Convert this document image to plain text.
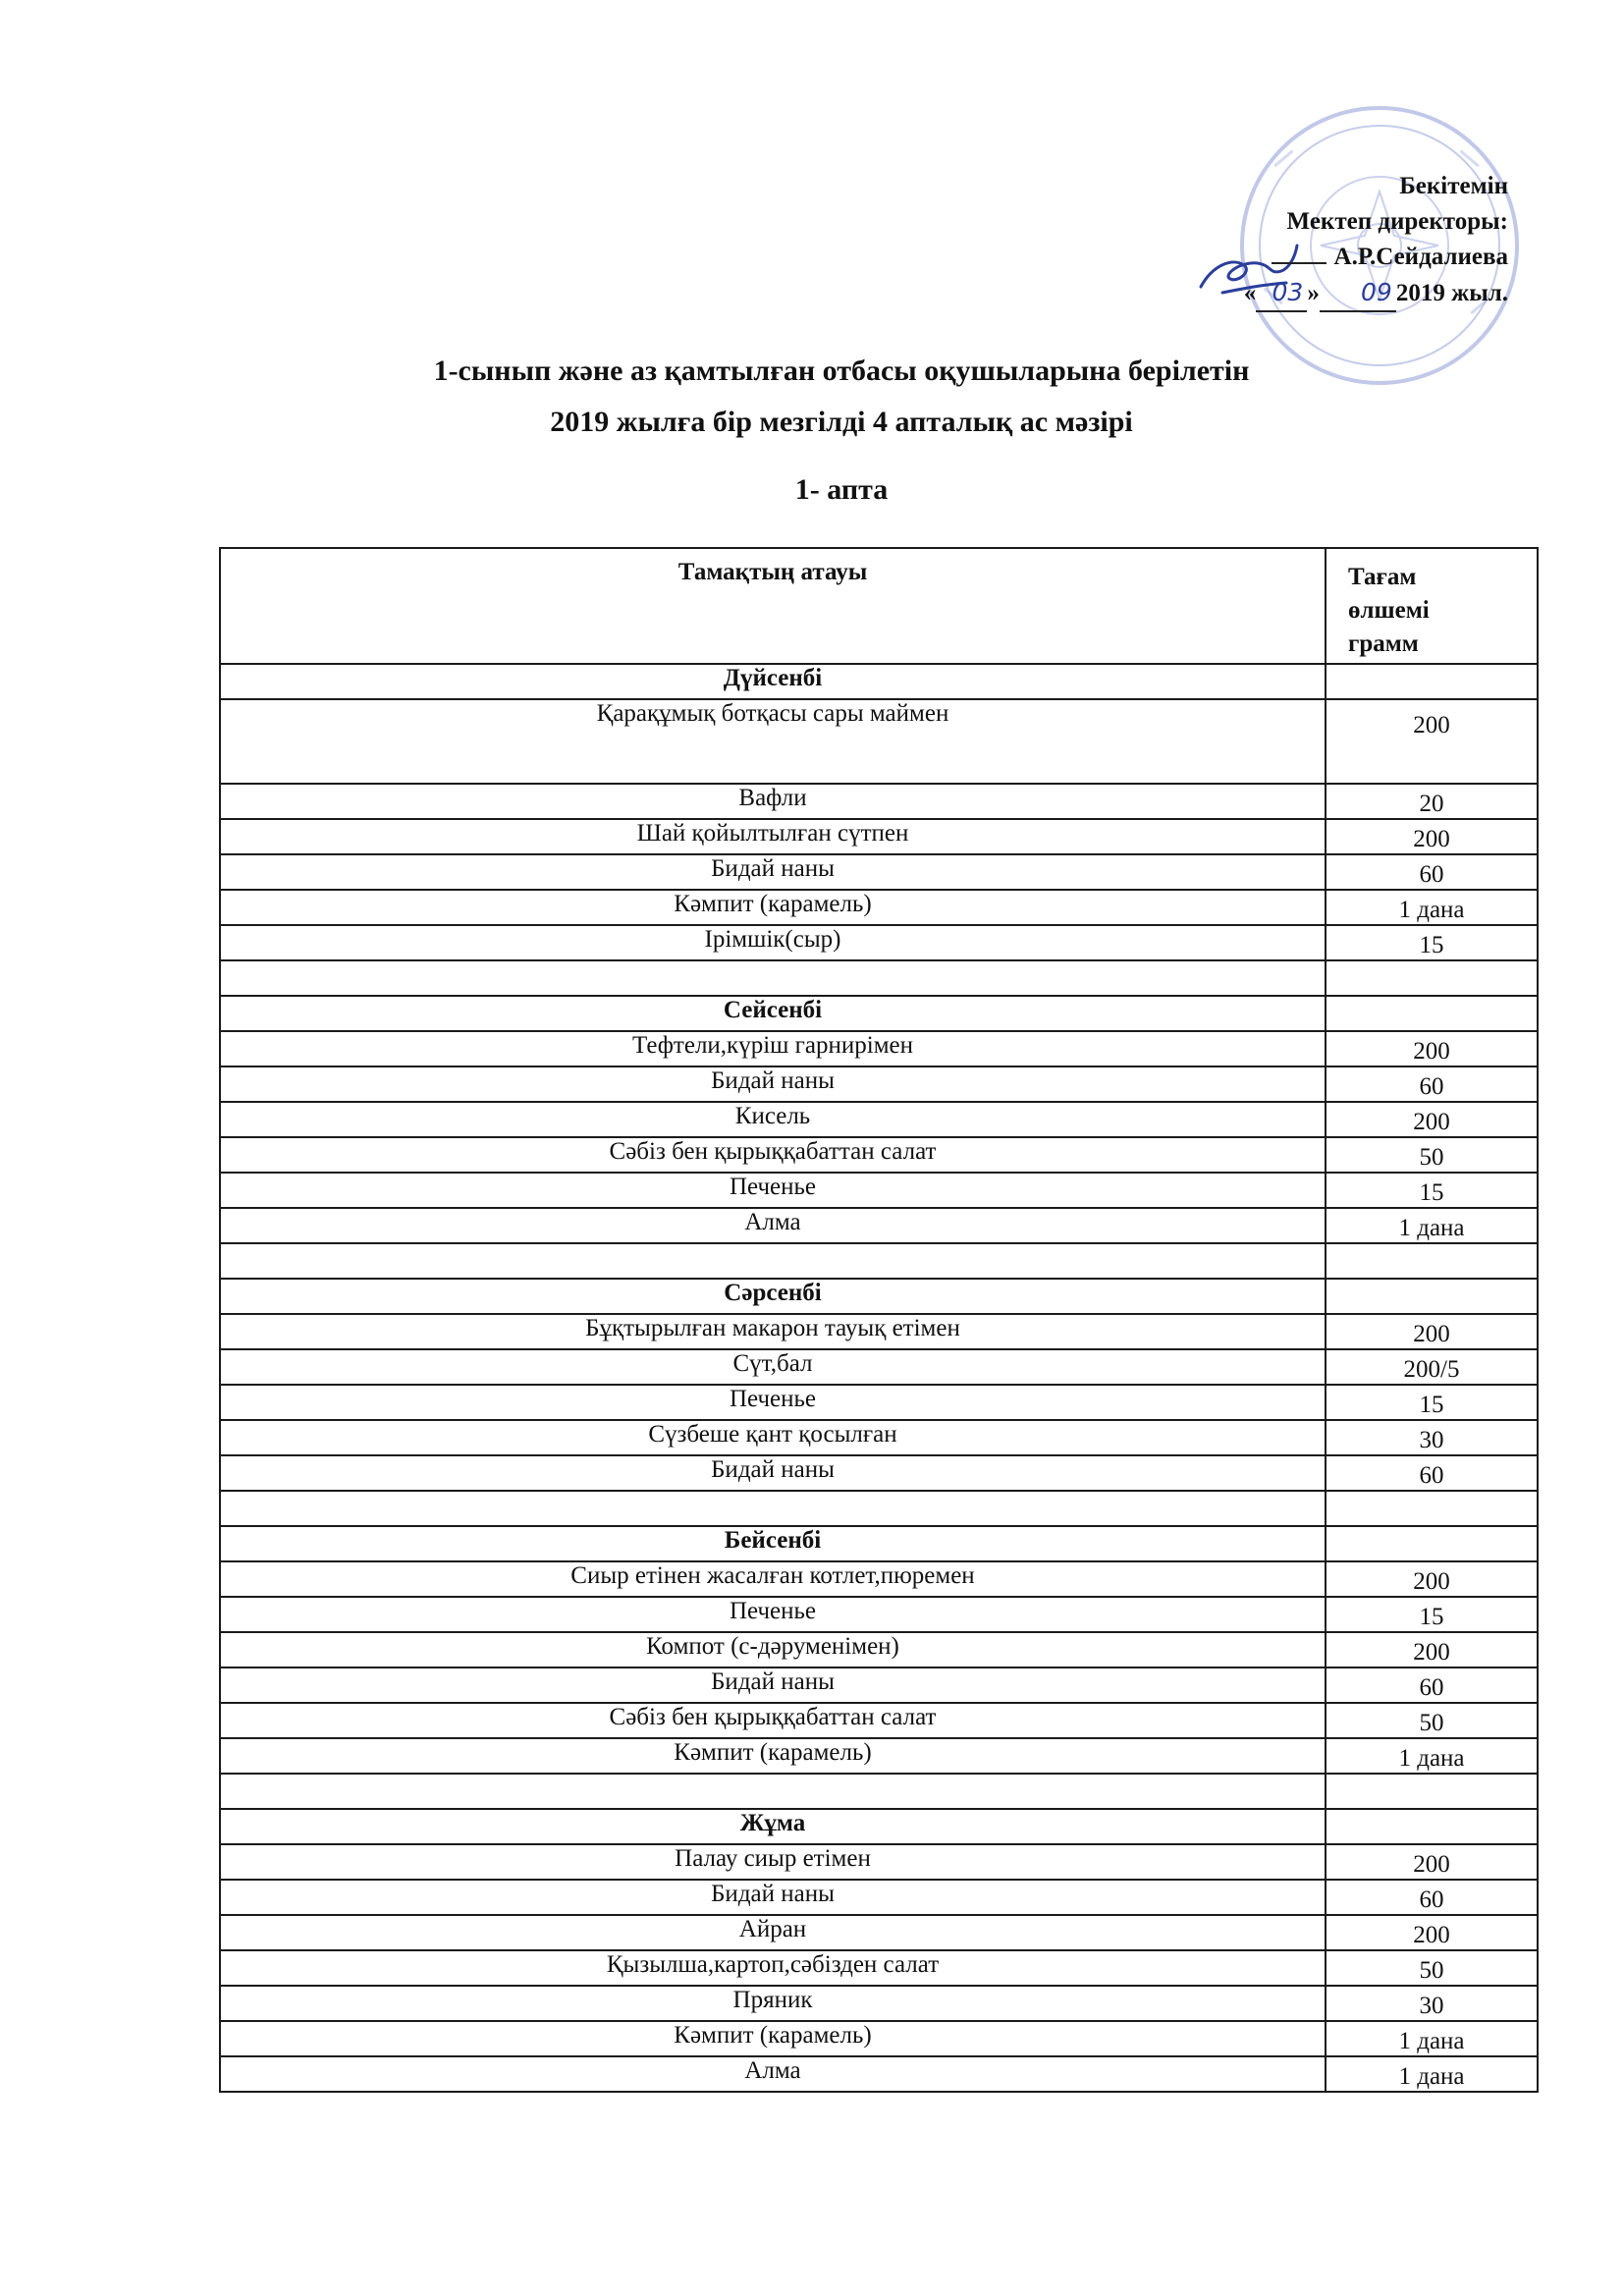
Бекітемін
Мектеп директоры:
А.Р.Сейдалиева
« 03 » 09 2019 жыл.
1-сынып және аз қамтылған отбасы оқушыларына берілетін
2019 жылға бір мезгілді 4 апталық ас мәзірі
1- апта
Тамақтың атауы	Тағам
өлшемі
грамм

Дүйсенбі	
Қарақұмық ботқасы сары маймен	200
Вафли	20
Шай қойылтылған сүтпен	200
Бидай наны	60
Кәмпит (карамель)	1 дана
Ірімшік(сыр)	15

Сейсенбі	
Тефтели,күріш гарнирімен	200
Бидай наны	60
Кисель	200
Сәбіз бен қырыққабаттан салат	50
Печенье	15
Алма	1 дана

Сәрсенбі	
Бұқтырылған макарон тауық етімен	200
Сүт,бал	200/5
Печенье	15
Сүзбеше қант қосылған	30
Бидай наны	60

Бейсенбі	
Сиыр етінен жасалған котлет,пюремен	200
Печенье	15
Компот (с-дәруменімен)	200
Бидай наны	60
Сәбіз бен қырыққабаттан салат	50
Кәмпит (карамель)	1 дана

Жұма	
Палау сиыр етімен	200
Бидай наны	60
Айран	200
Қызылша,картоп,сәбізден салат	50
Пряник	30
Кәмпит (карамель)	1 дана
Алма	1 дана
